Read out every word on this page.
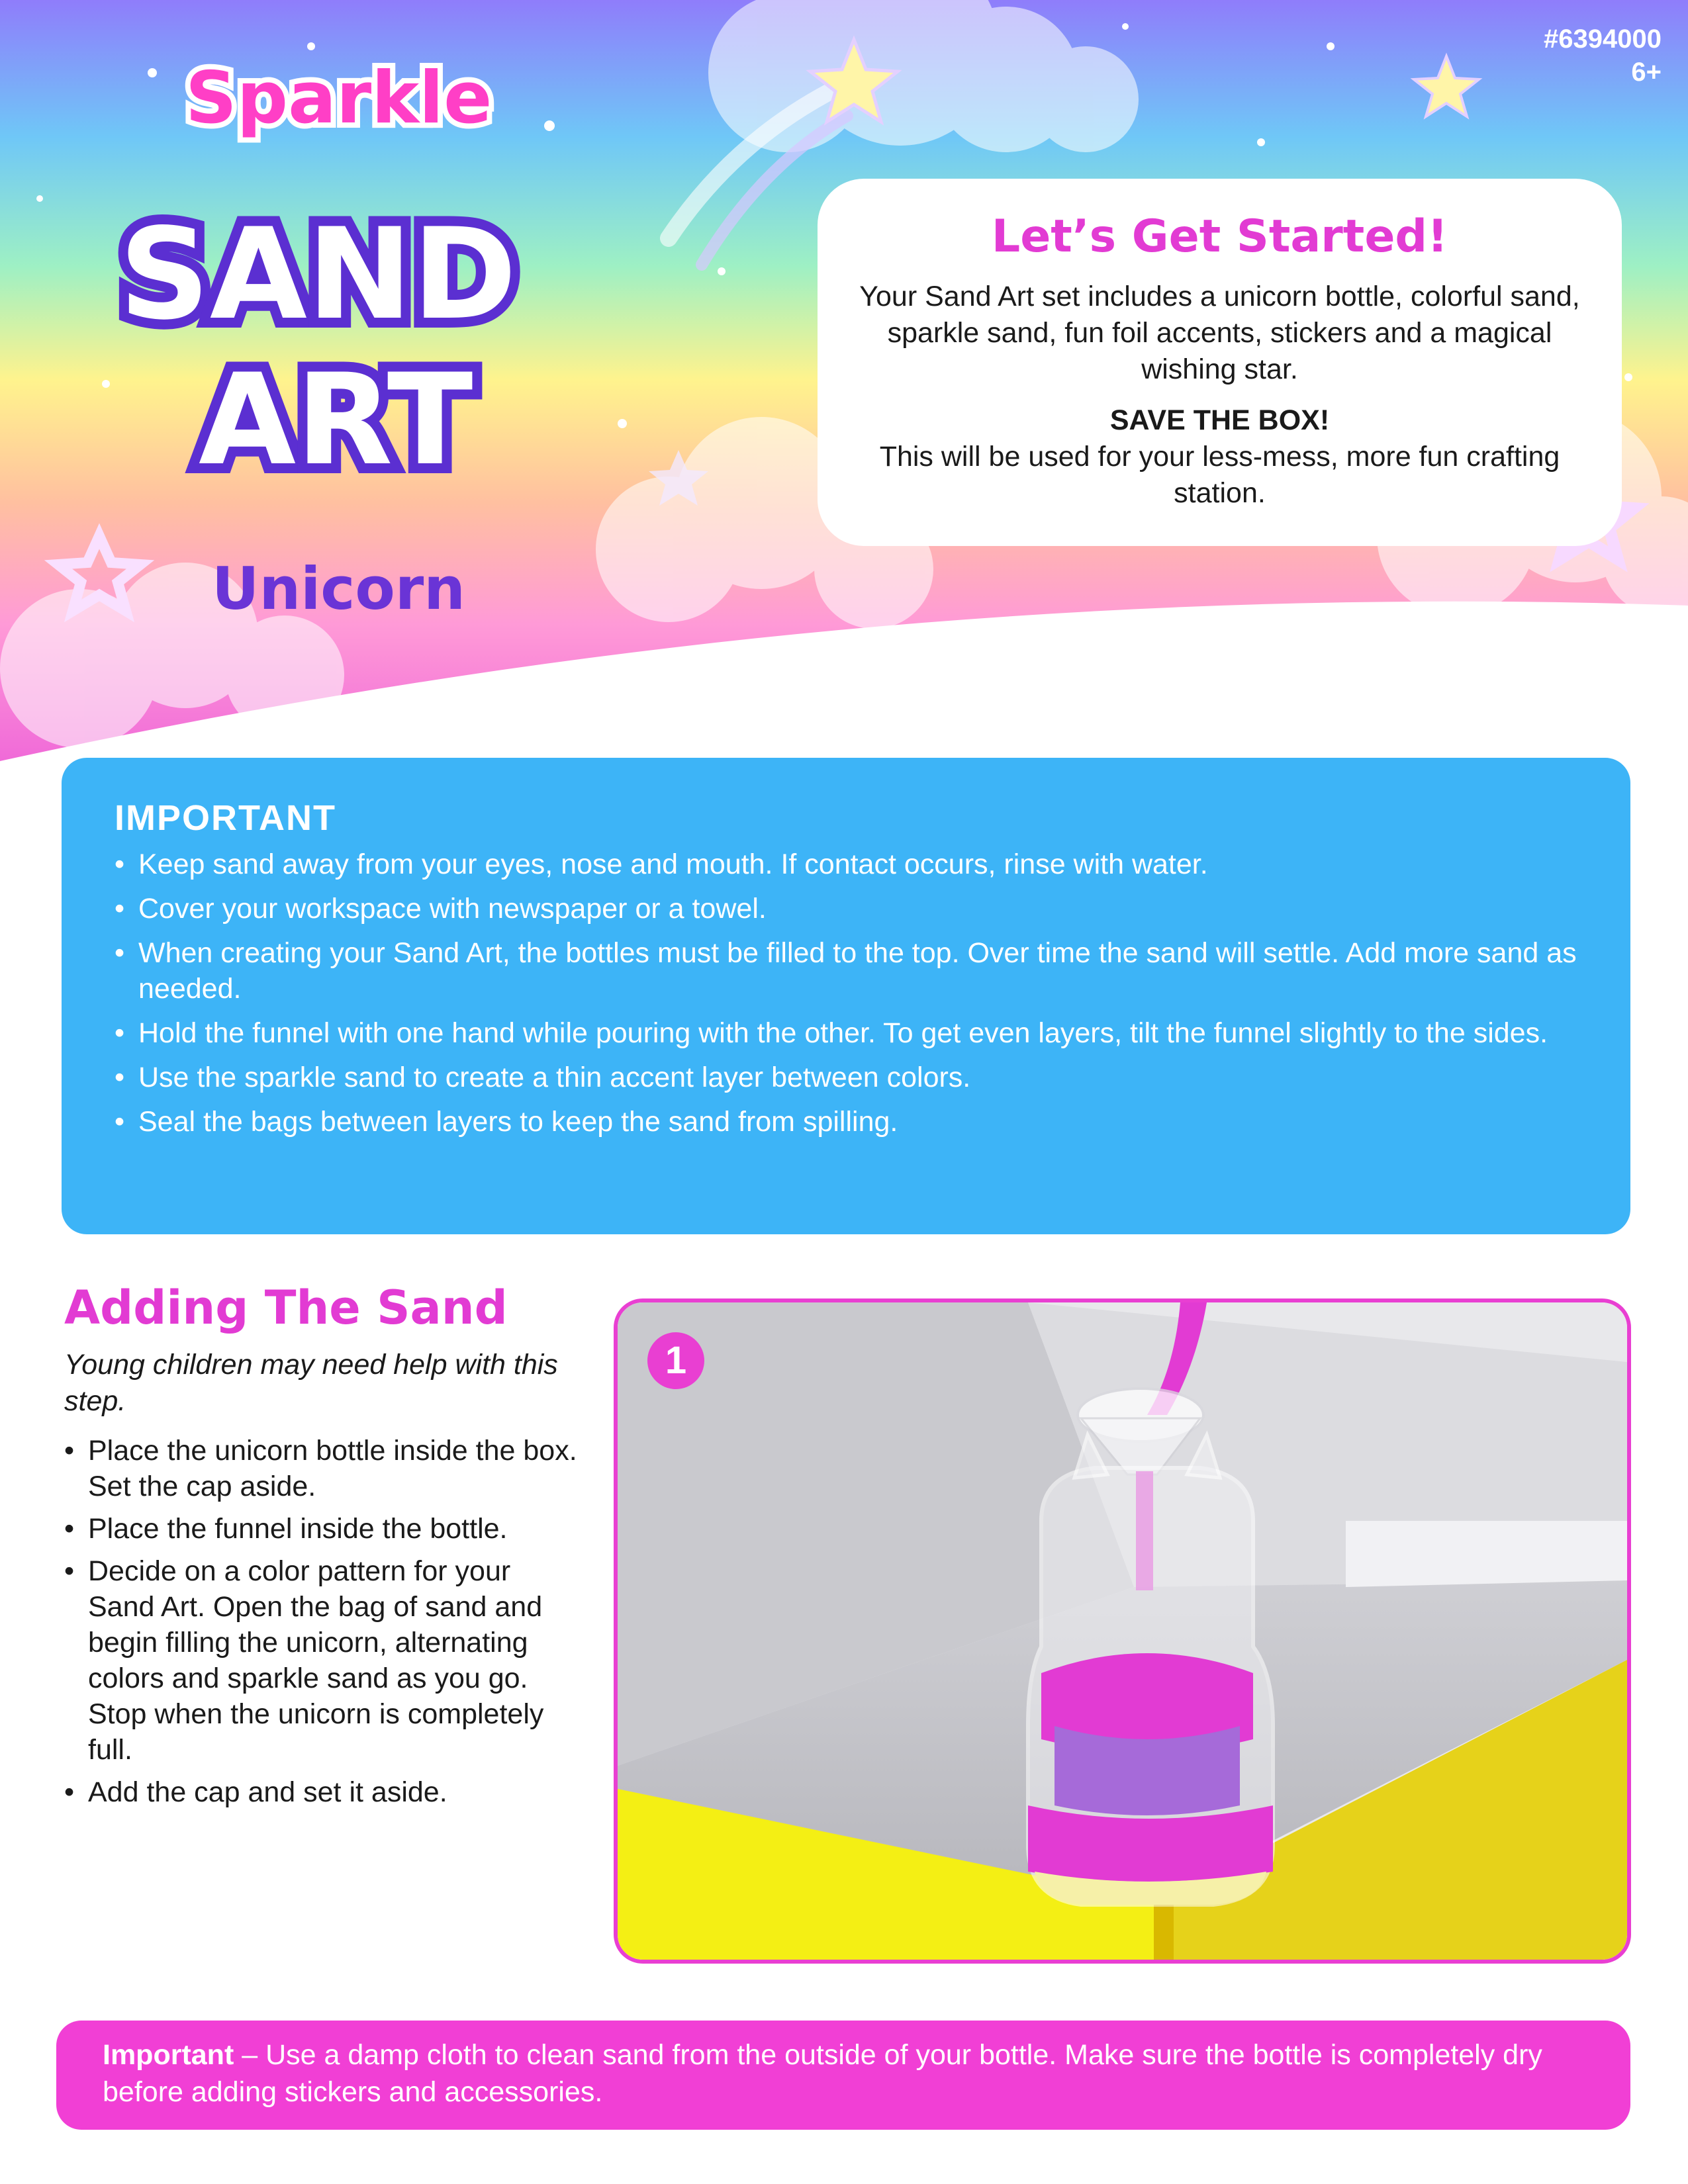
#6394000
6+
Sparkle
SAND
ART
Unicorn
Let’s Get Started!

Your Sand Art set includes a unicorn bottle, colorful sand, sparkle sand, fun foil accents, stickers and a magical wishing star.

SAVE THE BOX!

This will be used for your less-mess, more fun crafting station.

IMPORTANT
• Keep sand away from your eyes, nose and mouth. If contact occurs, rinse with water.
• Cover your workspace with newspaper or a towel.
• When creating your Sand Art, the bottles must be filled to the top. Over time the sand will settle. Add more sand as needed.
• Hold the funnel with one hand while pouring with the other. To get even layers, tilt the funnel slightly to the sides.
• Use the sparkle sand to create a thin accent layer between colors.
• Seal the bags between layers to keep the sand from spilling.
Adding The Sand
Young children may need help with this step.
• Place the unicorn bottle inside the box. Set the cap aside.
• Place the funnel inside the bottle.
• Decide on a color pattern for your Sand Art. Open the bag of sand and begin filling the unicorn, alternating colors and sparkle sand as you go. Stop when the unicorn is completely full.
• Add the cap and set it aside.
1
Important – Use a damp cloth to clean sand from the outside of your bottle. Make sure the bottle is completely dry before adding stickers and accessories.
